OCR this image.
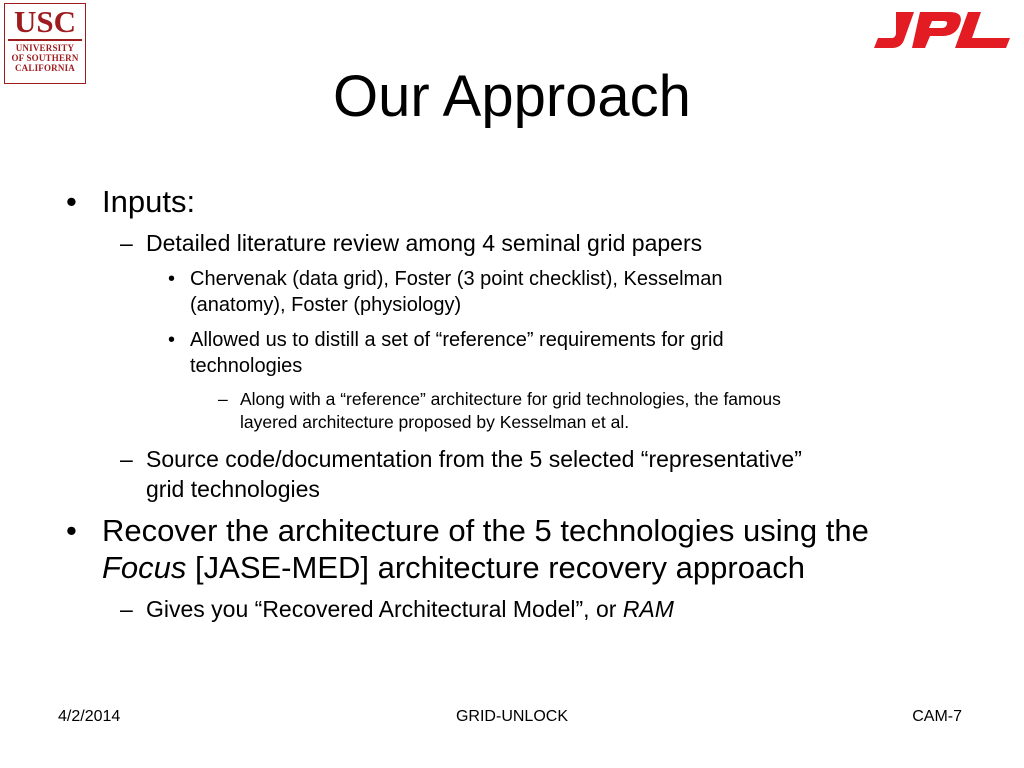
USC
UNIVERSITY
OF SOUTHERN
CALIFORNIA
JPL
Our Approach
• Inputs:
– Detailed literature review among 4 seminal grid papers
• Chervenak (data grid), Foster (3 point checklist), Kesselman
(anatomy), Foster (physiology)
• Allowed us to distill a set of “reference” requirements for grid
technologies
– Along with a “reference” architecture for grid technologies, the famous
layered architecture proposed by Kesselman et al.
– Source code/documentation from the 5 selected “representative”
grid technologies
• Recover the architecture of the 5 technologies using the
Focus [JASE-MED] architecture recovery approach
– Gives you “Recovered Architectural Model”, or RAM
4/2/2014	GRID-UNLOCK	CAM-7
